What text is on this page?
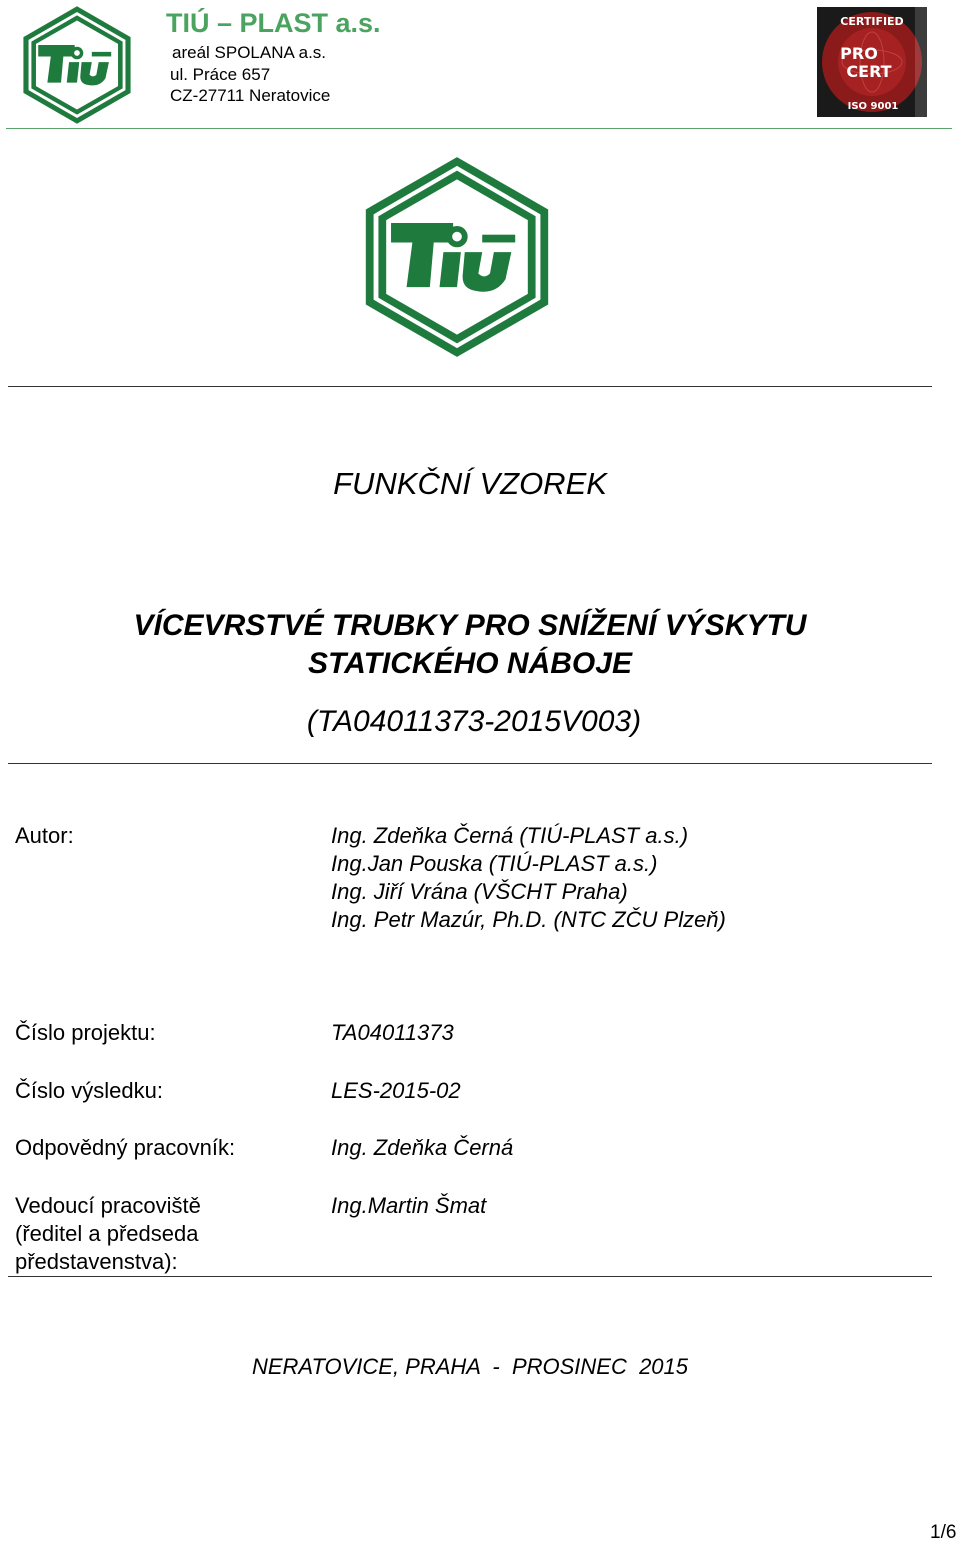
TIÚ – PLAST a.s.
areál SPOLANA a.s.
ul. Práce 657
CZ-27711 Neratovice
CERTIFIED
PRO
CERT
ISO 9001
FUNKČNÍ VZOREK
VÍCEVRSTVÉ TRUBKY PRO SNÍŽENÍ VÝSKYTU
STATICKÉHO NÁBOJE
(TA04011373-2015V003)
Autor:	Ing. Zdeňka Černá (TIÚ-PLAST a.s.)
Ing.Jan Pouska (TIÚ-PLAST a.s.)
Ing. Jiří Vrána (VŠCHT Praha)
Ing. Petr Mazúr, Ph.D. (NTC ZČU Plzeň)
Číslo projektu:	TA04011373
Číslo výsledku:	LES-2015-02
Odpovědný pracovník:	Ing. Zdeňka Černá
Vedoucí pracoviště
(ředitel a předseda
představenstva):
Ing.Martin Šmat
NERATOVICE, PRAHA  -  PROSINEC  2015
1/6
